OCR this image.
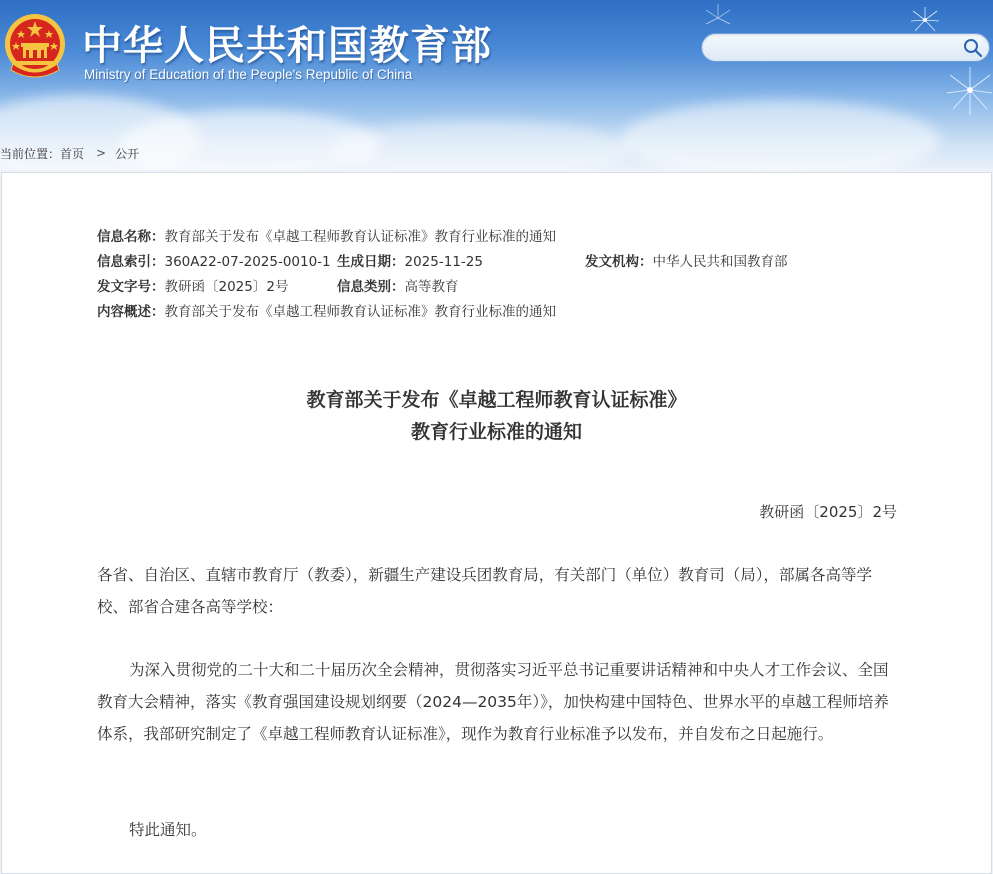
中华人民共和国教育部
Ministry of Education of the People's Republic of China
当前位置： 首页 > 公开
信息名称：教育部关于发布《卓越工程师教育认证标准》教育行业标准的通知
信息索引：360A22-07-2025-0010-1 生成日期：2025-11-25	发文机构：中华人民共和国教育部
发文字号：教研函〔2025〕2号	信息类别：高等教育
内容概述：教育部关于发布《卓越工程师教育认证标准》教育行业标准的通知
教育部关于发布《卓越工程师教育认证标准》
教育行业标准的通知
教研函〔2025〕2号

各省、自治区、直辖市教育厅（教委），新疆生产建设兵团教育局，有关部门（单位）教育司（局），部属各高等学校、部省合建各高等学校：

为深入贯彻党的二十大和二十届历次全会精神，贯彻落实习近平总书记重要讲话精神和中央人才工作会议、全国教育大会精神，落实《教育强国建设规划纲要（2024—2035年）》，加快构建中国特色、世界水平的卓越工程师培养体系，我部研究制定了《卓越工程师教育认证标准》，现作为教育行业标准予以发布，并自发布之日起施行。

特此通知。
